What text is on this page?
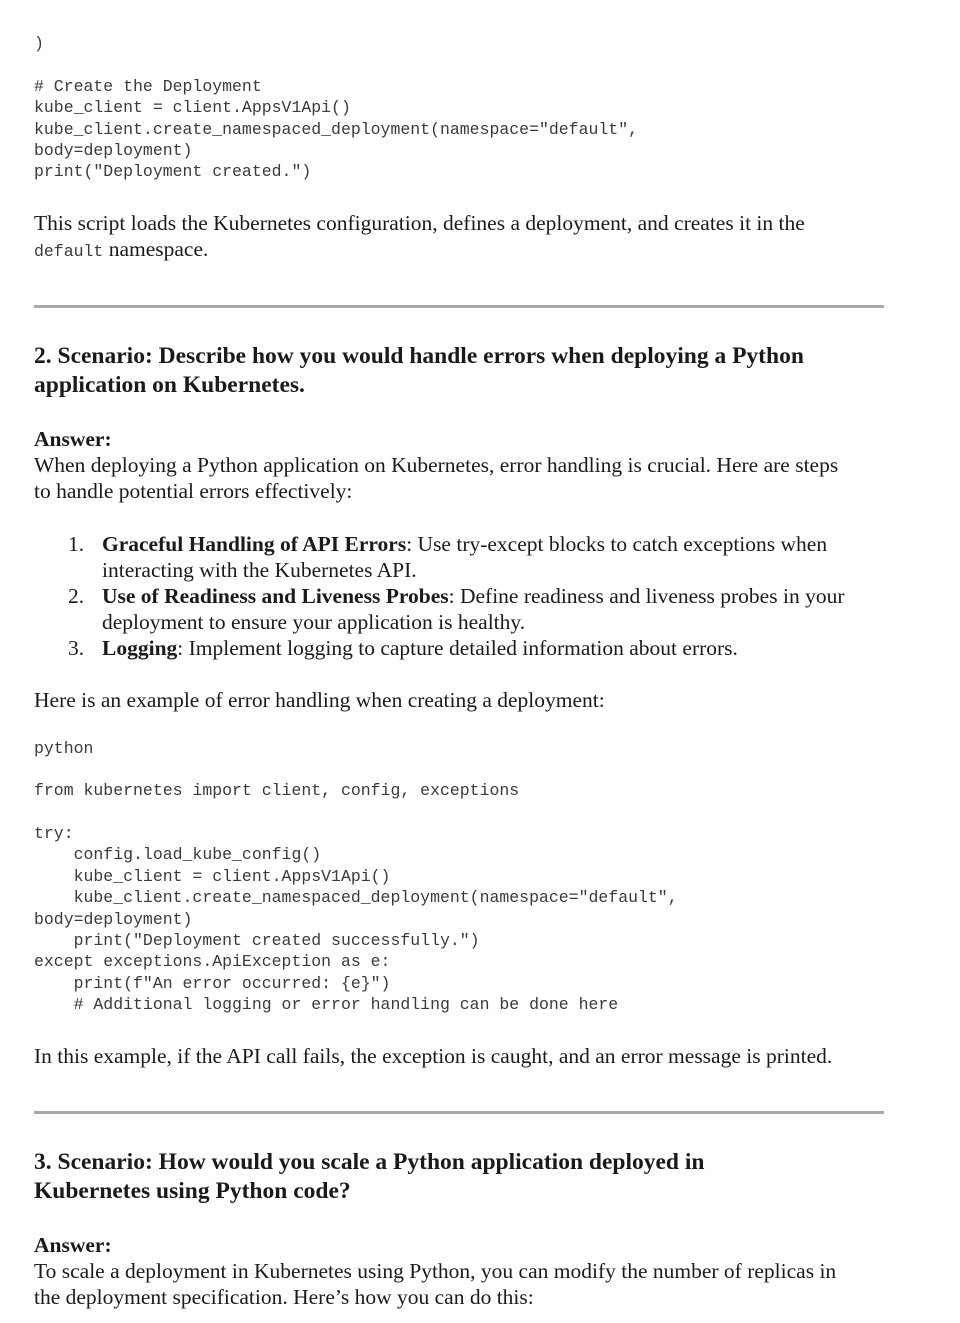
)

# Create the Deployment
kube_client = client.AppsV1Api()
kube_client.create_namespaced_deployment(namespace="default",
body=deployment)
print("Deployment created.")

This script loads the Kubernetes configuration, defines a deployment, and creates it in the

default namespace.

2. Scenario: Describe how you would handle errors when deploying a Python

application on Kubernetes.

Answer:

When deploying a Python application on Kubernetes, error handling is crucial. Here are steps

to handle potential errors effectively:

1. Graceful Handling of API Errors: Use try-except blocks to catch exceptions when
interacting with the Kubernetes API.
2. Use of Readiness and Liveness Probes: Define readiness and liveness probes in your
deployment to ensure your application is healthy.
3. Logging: Implement logging to capture detailed information about errors.

Here is an example of error handling when creating a deployment:

python
from kubernetes import client, config, exceptions
try:
config.load_kube_config()
kube_client = client.AppsV1Api()
kube_client.create_namespaced_deployment(namespace="default",
body=deployment)
print("Deployment created successfully.")
except exceptions.ApiException as e:
print(f"An error occurred: {e}")
# Additional logging or error handling can be done here

In this example, if the API call fails, the exception is caught, and an error message is printed.

3. Scenario: How would you scale a Python application deployed in

Kubernetes using Python code?

Answer:

To scale a deployment in Kubernetes using Python, you can modify the number of replicas in

the deployment specification. Here’s how you can do this:
